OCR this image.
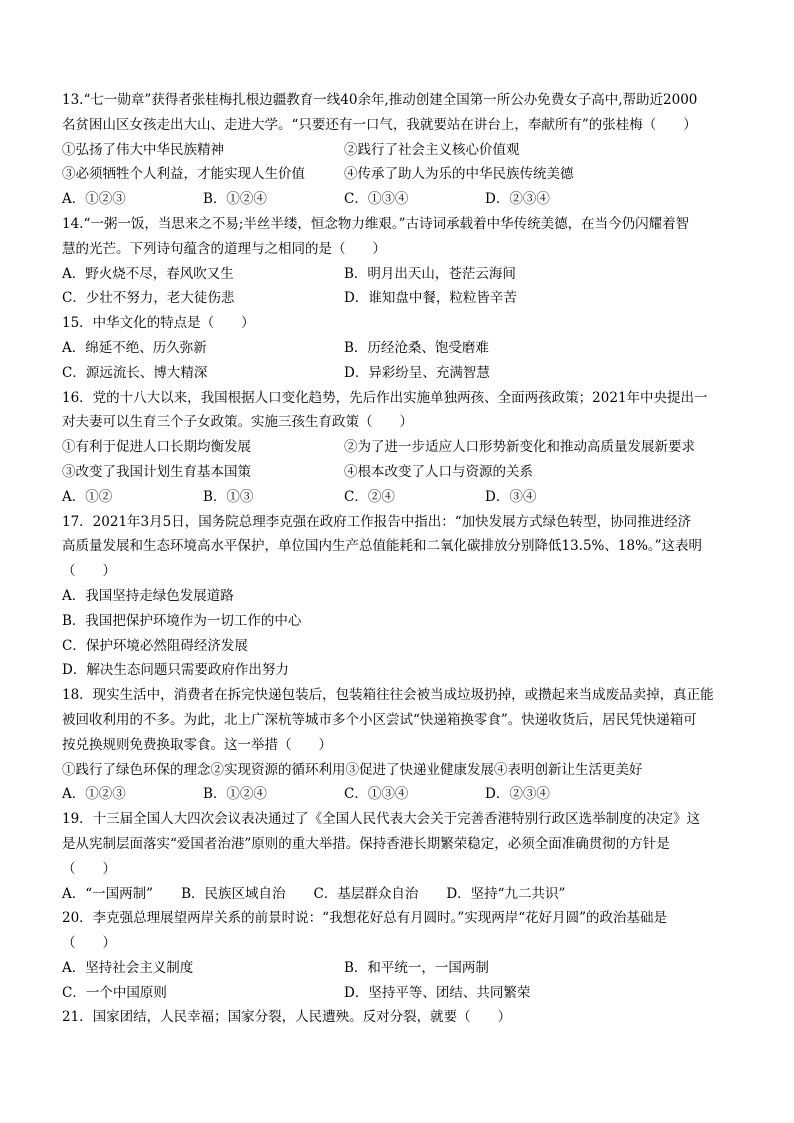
13.“七一勋章”获得者张桂梅扎根边疆教育一线40余年,推动创建全国第一所公办免费女子高中,帮助近2000
名贫困山区女孩走出大山、走进大学。“只要还有一口气，我就要站在讲台上，奉献所有”的张桂梅（　　）
①弘扬了伟大中华民族精神	②践行了社会主义核心价值观
③必须牺牲个人利益，才能实现人生价值	④传承了助人为乐的中华民族传统美德
A．①②③	B．①②④	C．①③④	D．②③④
14.“一粥一饭，当思来之不易;半丝半缕，恒念物力维艰。”古诗词承载着中华传统美德，在当今仍闪耀着智
慧的光芒。下列诗句蕴含的道理与之相同的是（　　）
A．野火烧不尽，春风吹又生	B．明月出天山，苍茫云海间
C．少壮不努力，老大徒伤悲	D．谁知盘中餐，粒粒皆辛苦
15．中华文化的特点是（　　）
A．绵延不绝、历久弥新	B．历经沧桑、饱受磨难
C．源远流长、博大精深	D．异彩纷呈、充满智慧
16．党的十八大以来，我国根据人口变化趋势，先后作出实施单独两孩、全面两孩政策；2021年中央提出一
对夫妻可以生育三个子女政策。实施三孩生育政策（　　）
①有利于促进人口长期均衡发展	②为了进一步适应人口形势新变化和推动高质量发展新要求
③改变了我国计划生育基本国策	④根本改变了人口与资源的关系
A．①②	B．①③	C．②④	D．③④
17．2021年3月5日，国务院总理李克强在政府工作报告中指出：“加快发展方式绿色转型，协同推进经济
高质量发展和生态环境高水平保护，单位国内生产总值能耗和二氧化碳排放分别降低13.5%、18%。”这表明
（　　）
A．我国坚持走绿色发展道路
B．我国把保护环境作为一切工作的中心
C．保护环境必然阻碍经济发展
D．解决生态问题只需要政府作出努力
18．现实生活中，消费者在拆完快递包装后，包装箱往往会被当成垃圾扔掉，或攒起来当成废品卖掉，真正能
被回收利用的不多。为此，北上广深杭等城市多个小区尝试“快递箱换零食”。快递收货后，居民凭快递箱可
按兑换规则免费换取零食。这一举措（　　）
①践行了绿色环保的理念②实现资源的循环利用③促进了快递业健康发展④表明创新让生活更美好
A．①②③	B．①②④	C．①③④	D．②③④
19．十三届全国人大四次会议表决通过了《全国人民代表大会关于完善香港特别行政区选举制度的决定》这
是从宪制层面落实“爱国者治港”原则的重大举措。保持香港长期繁荣稳定，必须全面准确贯彻的方针是
（　　）
A．“一国两制” B．民族区域自治 C．基层群众自治 D．坚持“九二共识”
20．李克强总理展望两岸关系的前景时说：“我想花好总有月圆时。”实现两岸“花好月圆”的政治基础是
（　　）
A．坚持社会主义制度	B．和平统一，一国两制
C．一个中国原则	D．坚持平等、团结、共同繁荣
21．国家团结，人民幸福；国家分裂，人民遭殃。反对分裂，就要（　　）
